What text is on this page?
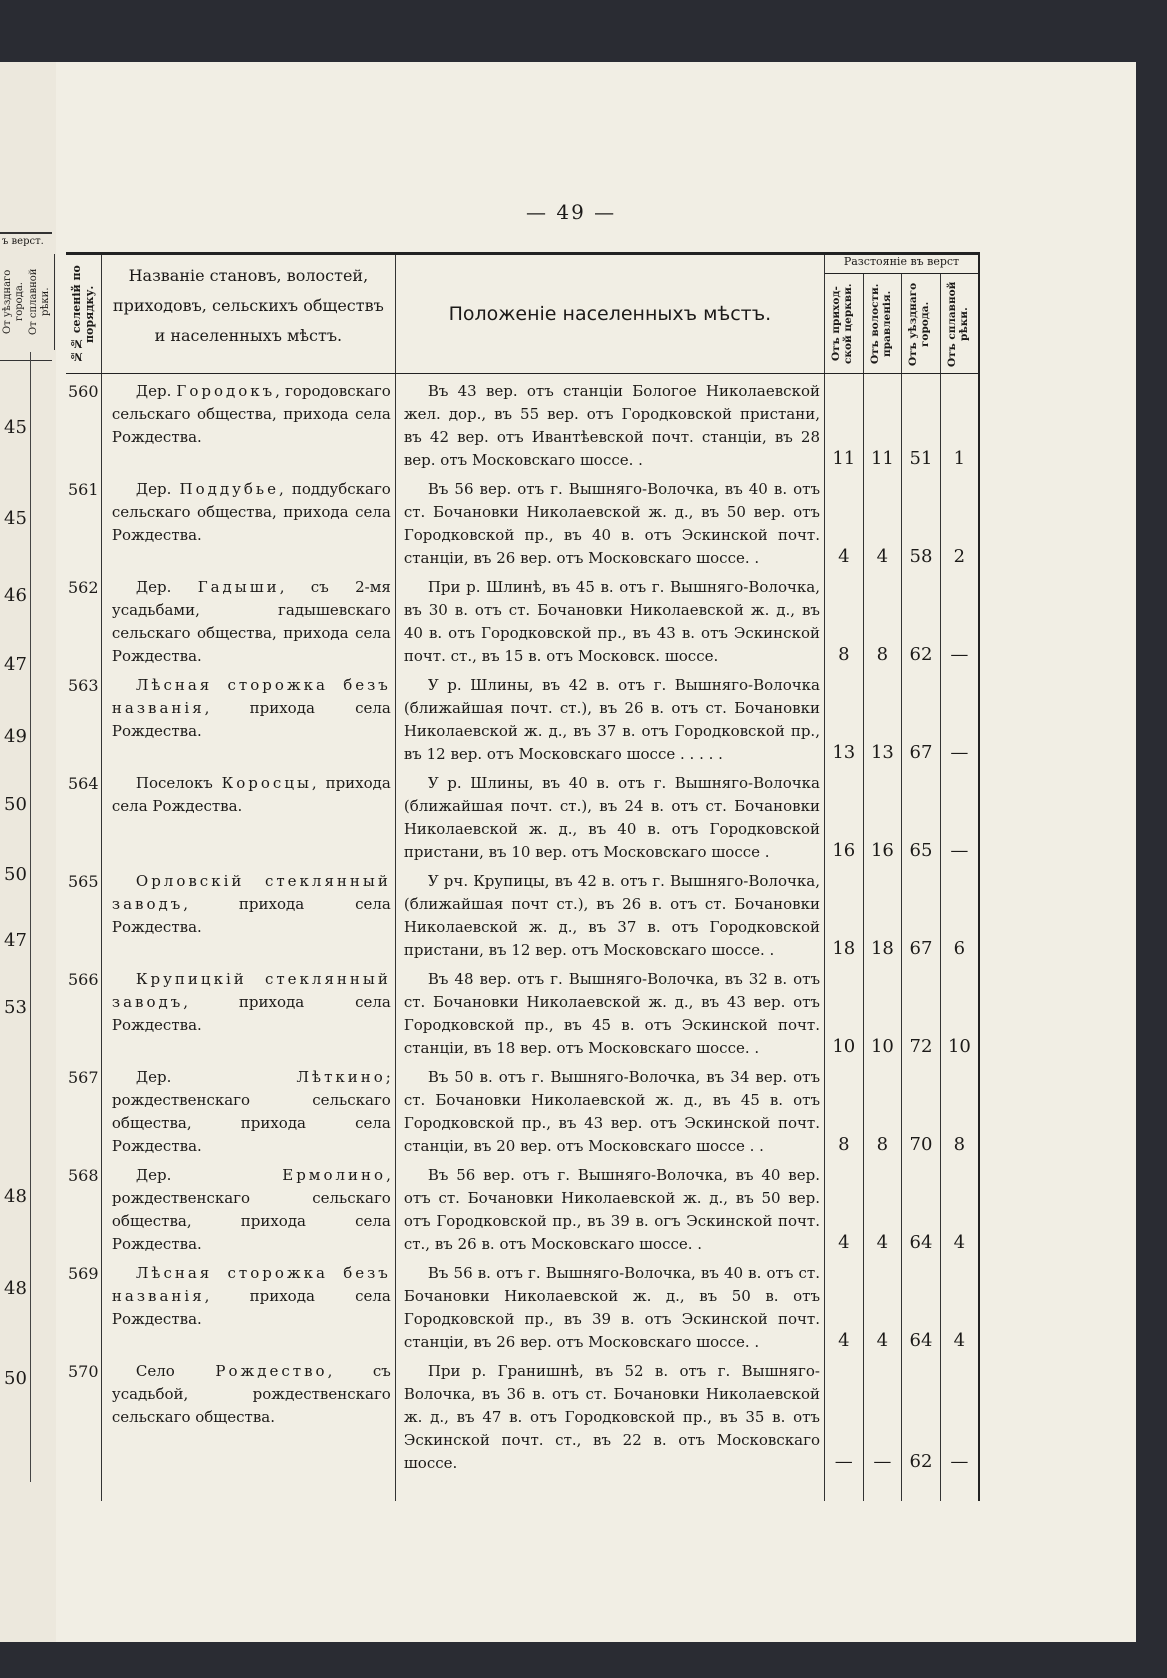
ъ верст.
От уѣзднаго города. От сплавной рѣки.
45
45
46
47
49
50
50
47
53
48
48
50
— 49 —
№№ селеній по порядку.	Названіе становъ, волостей,
приходовъ, сельскихъ обществъ
и населенныхъ мѣстъ.	Положеніе населенныхъ мѣстъ.	Разстояніе въ верст			

			Отъ приход- ской церкви.	Отъ волости. правленія.	Отъ уѣзднаго города.	Отъ сплавной рѣки.

560	Дер. Городокъ, городовскаго сельскаго общества, прихода села Рождества.	Въ 43 вер. отъ станціи Бологое Николаевской жел. дор., въ 55 вер. отъ Городковской пристани, въ 42 вер. отъ Ивантѣевской почт. станціи, въ 28 вер. отъ Московскаго шоссе. .	11	11	51	1
561	Дер. Поддубье, поддубскаго сельскаго общества, прихода села Рождества.	Въ 56 вер. отъ г. Вышняго-Волочка, въ 40 в. отъ ст. Бочановки Николаевской ж. д., въ 50 вер. отъ Городковской пр., въ 40 в. отъ Эскинской почт. станціи, въ 26 вер. отъ Московскаго шоссе. .	4	4	58	2
562	Дер. Гадыши, съ 2-мя усадьбами, гадышевскаго сельскаго общества, прихода села Рождества.	При р. Шлинѣ, въ 45 в. отъ г. Вышняго-Волочка, въ 30 в. отъ ст. Бочановки Николаевской ж. д., въ 40 в. отъ Городковской пр., въ 43 в. отъ Эскинской почт. ст., въ 15 в. отъ Московск. шоссе.	8	8	62	—
563	Лѣсная сторожка безъ названія, прихода села Рождества.	У р. Шлины, въ 42 в. отъ г. Вышняго-Волочка (ближайшая почт. ст.), въ 26 в. отъ ст. Бочановки Николаевской ж. д., въ 37 в. отъ Городковской пр., въ 12 вер. отъ Московскаго шоссе . . . . .	13	13	67	—
564	Поселокъ Коросцы, прихода села Рождества.	У р. Шлины, въ 40 в. отъ г. Вышняго-Волочка (ближайшая почт. ст.), въ 24 в. отъ ст. Бочановки Николаевской ж. д., въ 40 в. отъ Городковской пристани, въ 10 вер. отъ Московскаго шоссе .	16	16	65	—
565	Орловскій стеклянный заводъ, прихода села Рождества.	У рч. Крупицы, въ 42 в. отъ г. Вышняго-Волочка, (ближайшая почт ст.), въ 26 в. отъ ст. Бочановки Николаевской ж. д., въ 37 в. отъ Городковской пристани, въ 12 вер. отъ Московскаго шоссе. .	18	18	67	6
566	Крупицкій стеклянный заводъ, прихода села Рождества.	Въ 48 вер. отъ г. Вышняго-Волочка, въ 32 в. отъ ст. Бочановки Николаевской ж. д., въ 43 вер. отъ Городковской пр., въ 45 в. отъ Эскинской почт. станціи, въ 18 вер. отъ Московскаго шоссе. .	10	10	72	10
567	Дер. Лѣткино; рождественскаго сельскаго общества, прихода села Рождества.	Въ 50 в. отъ г. Вышняго-Волочка, въ 34 вер. отъ ст. Бочановки Николаевской ж. д., въ 45 в. отъ Городковской пр., въ 43 вер. отъ Эскинской почт. станціи, въ 20 вер. отъ Московскаго шоссе . .	8	8	70	8
568	Дер. Ермолино, рождественскаго сельскаго общества, прихода села Рождества.	Въ 56 вер. отъ г. Вышняго-Волочка, въ 40 вер. отъ ст. Бочановки Николаевской ж. д., въ 50 вер. отъ Городковской пр., въ 39 в. огъ Эскинской почт. ст., въ 26 в. отъ Московскаго шоссе. .	4	4	64	4
569	Лѣсная сторожка безъ названія, прихода села Рождества.	Въ 56 в. отъ г. Вышняго-Волочка, въ 40 в. отъ ст. Бочановки Николаевской ж. д., въ 50 в. отъ Городковской пр., въ 39 в. отъ Эскинской почт. станціи, въ 26 вер. отъ Московскаго шоссе. .	4	4	64	4
570	Село Рождество, съ усадьбой, рождественскаго сельскаго общества.	При р. Гранишнѣ, въ 52 в. отъ г. Вышняго-Волочка, въ 36 в. отъ ст. Бочановки Николаевской ж. д., въ 47 в. отъ Городковской пр., въ 35 в. отъ Эскинской почт. ст., въ 22 в. отъ Московскаго шоссе.	—	—	62	—
